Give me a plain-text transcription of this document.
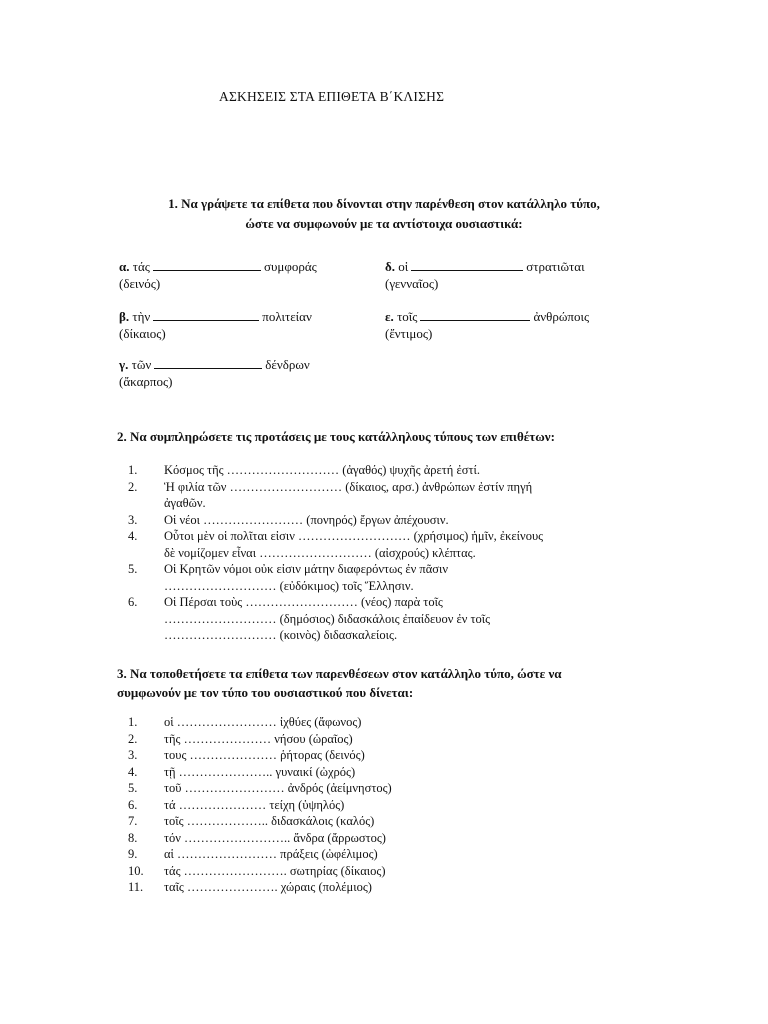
ΑΣΚΗΣΕΙΣ ΣΤΑ ΕΠΙΘΕΤΑ Β΄ΚΛΙΣΗΣ
1. Να γράψετε τα επίθετα που δίνονται στην παρένθεση στον κατάλληλο τύπο,
ώστε να συμφωνούν με τα αντίστοιχα ουσιαστικά:
α. τάς	συμφοράς
(δεινός)
β. τὴν	πολιτείαν
(δίκαιος)
γ. τῶν	δένδρων
(ἄκαρπος)
δ. οἱ	στρατιῶται
(γενναῖος)
ε. τοῖς	ἀνθρώποις
(ἔντιμος)
2. Να συμπληρώσετε τις προτάσεις με τους κατάλληλους τύπους των επιθέτων:
1.	Κόσμος τῆς ……………………… (ἀγαθός) ψυχῆς ἀρετή ἐστί.
2.	Ἡ φιλία τῶν ……………………… (δίκαιος, αρσ.) ἀνθρώπων ἐστίν πηγή
ἀγαθῶν.
3.	Οἱ νέοι …………………… (πονηρός) ἔργων ἀπέχουσιν.
4.	Οὗτοι μὲν οἱ πολῖται εἰσιν ……………………… (χρήσιμος) ἡμῖν, ἐκείνους
δὲ νομίζομεν εἶναι ……………………… (αἰσχρούς) κλέπτας.
5.	Οἱ Κρητῶν νόμοι οὐκ εἰσιν μάτην διαφερόντως ἐν πᾶσιν
……………………… (εὐδόκιμος) τοῖς Ἕλλησιν.
6.	Οἱ Πέρσαι τοὺς ……………………… (νέος) παρὰ τοῖς
……………………… (δημόσιος) διδασκάλοις ἐπαίδευον ἐν τοῖς
……………………… (κοινὸς) διδασκαλείοις.
3. Να τοποθετήσετε τα επίθετα των παρενθέσεων στον κατάλληλο τύπο, ώστε να
συμφωνούν με τον τύπο του ουσιαστικού που δίνεται:
1.	οἱ …………………… ἰχθύες (ἄφωνος)
2.	τῆς ………………… νήσου (ὡραῖος)
3.	τους ………………… ῥήτορας (δεινός)
4.	τῇ ………………….. γυναικί (ὠχρός)
5.	τοῦ …………………… ἀνδρός (ἀείμνηστος)
6.	τά ………………… τείχη (ὑψηλός)
7.	τοῖς ……………….. διδασκάλοις (καλός)
8.	τόν …………………….. ἄνδρα (ἄρρωστος)
9.	αἱ …………………… πράξεις (ὠφέλιμος)
10.	τάς ……………………. σωτηρίας (δίκαιος)
11.	ταῖς …………………. χώραις (πολέμιος)
